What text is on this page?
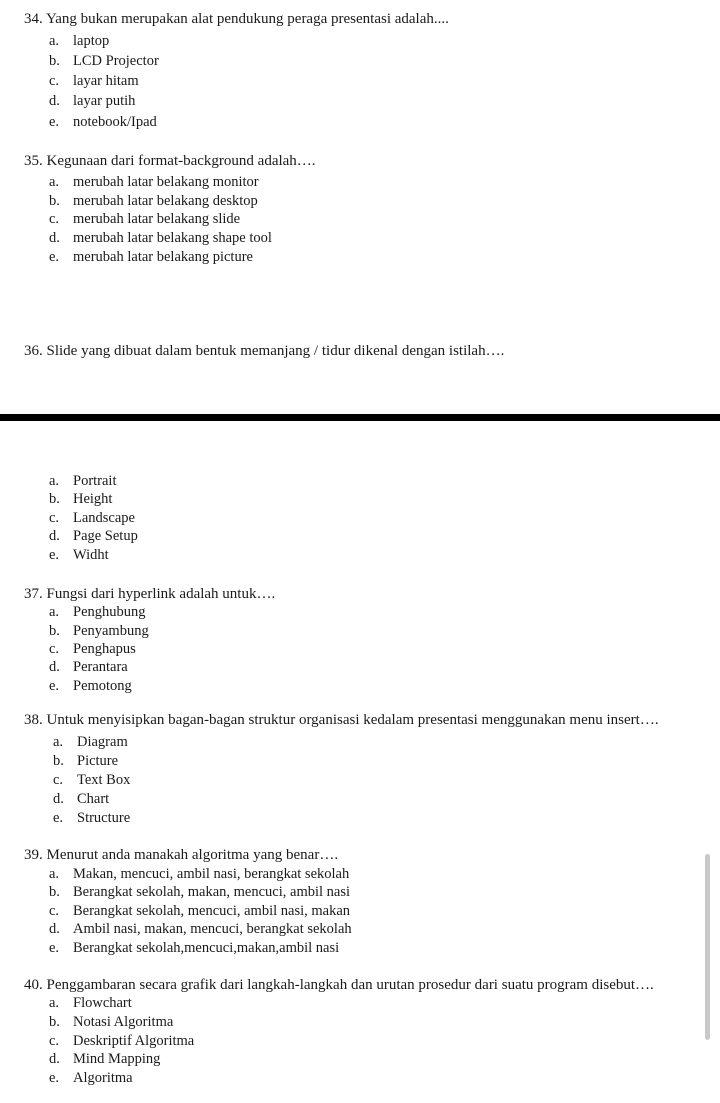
34. Yang bukan merupakan alat pendukung peraga presentasi adalah....
a. laptop
b. LCD Projector
c. layar hitam
d. layar putih
e. notebook/Ipad
35. Kegunaan dari format-background adalah….
a. merubah latar belakang monitor
b. merubah latar belakang desktop
c. merubah latar belakang slide
d. merubah latar belakang shape tool
e. merubah latar belakang picture
36. Slide yang dibuat dalam bentuk memanjang / tidur dikenal dengan istilah….
a. Portrait
b. Height
c. Landscape
d. Page Setup
e. Widht
37. Fungsi dari hyperlink adalah untuk….
a. Penghubung
b. Penyambung
c. Penghapus
d. Perantara
e. Pemotong
38. Untuk menyisipkan bagan-bagan struktur organisasi kedalam presentasi menggunakan menu insert….
a. Diagram
b. Picture
c. Text Box
d. Chart
e. Structure
39. Menurut anda manakah algoritma yang benar….
a. Makan, mencuci, ambil nasi, berangkat sekolah
b. Berangkat sekolah, makan, mencuci, ambil nasi
c. Berangkat sekolah, mencuci, ambil nasi, makan
d. Ambil nasi, makan, mencuci, berangkat sekolah
e. Berangkat sekolah,mencuci,makan,ambil nasi
40. Penggambaran secara grafik dari langkah-langkah dan urutan prosedur dari suatu program disebut….
a. Flowchart
b. Notasi Algoritma
c. Deskriptif Algoritma
d. Mind Mapping
e. Algoritma
